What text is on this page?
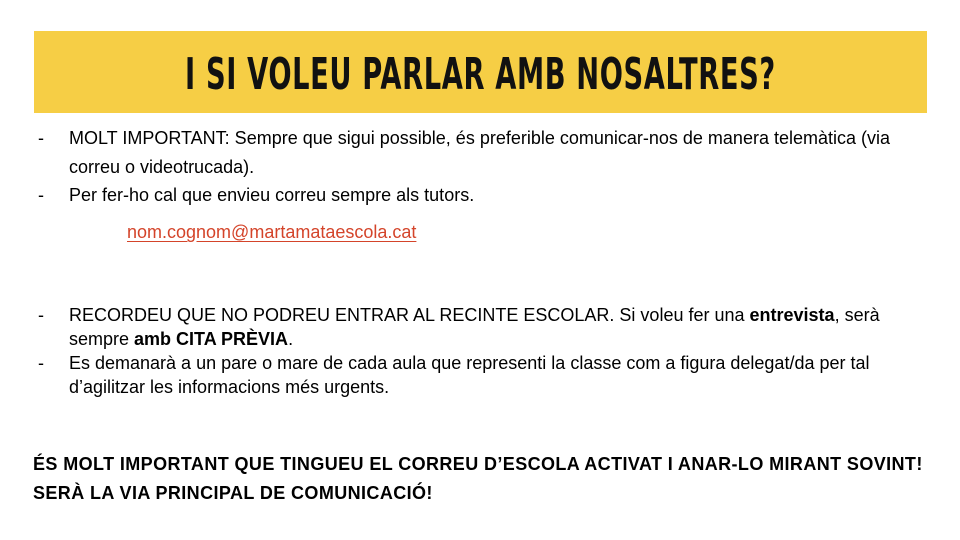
I SI VOLEU PARLAR AMB NOSALTRES?
- MOLT IMPORTANT: Sempre que sigui possible, és preferible comunicar-nos de manera telemàtica (via correu o videotrucada).
- Per fer-ho cal que envieu correu sempre als tutors.
nom.cognom@martamataescola.cat
- RECORDEU QUE NO PODREU ENTRAR AL RECINTE ESCOLAR. Si voleu fer una entrevista, serà sempre amb CITA PRÈVIA.
- Es demanarà a un pare o mare de cada aula que representi la classe com a figura delegat/da per tal d’agilitzar les informacions més urgents.
ÉS MOLT IMPORTANT QUE TINGUEU EL CORREU D’ESCOLA ACTIVAT I ANAR-LO MIRANT SOVINT! SERÀ LA VIA PRINCIPAL DE COMUNICACIÓ!
